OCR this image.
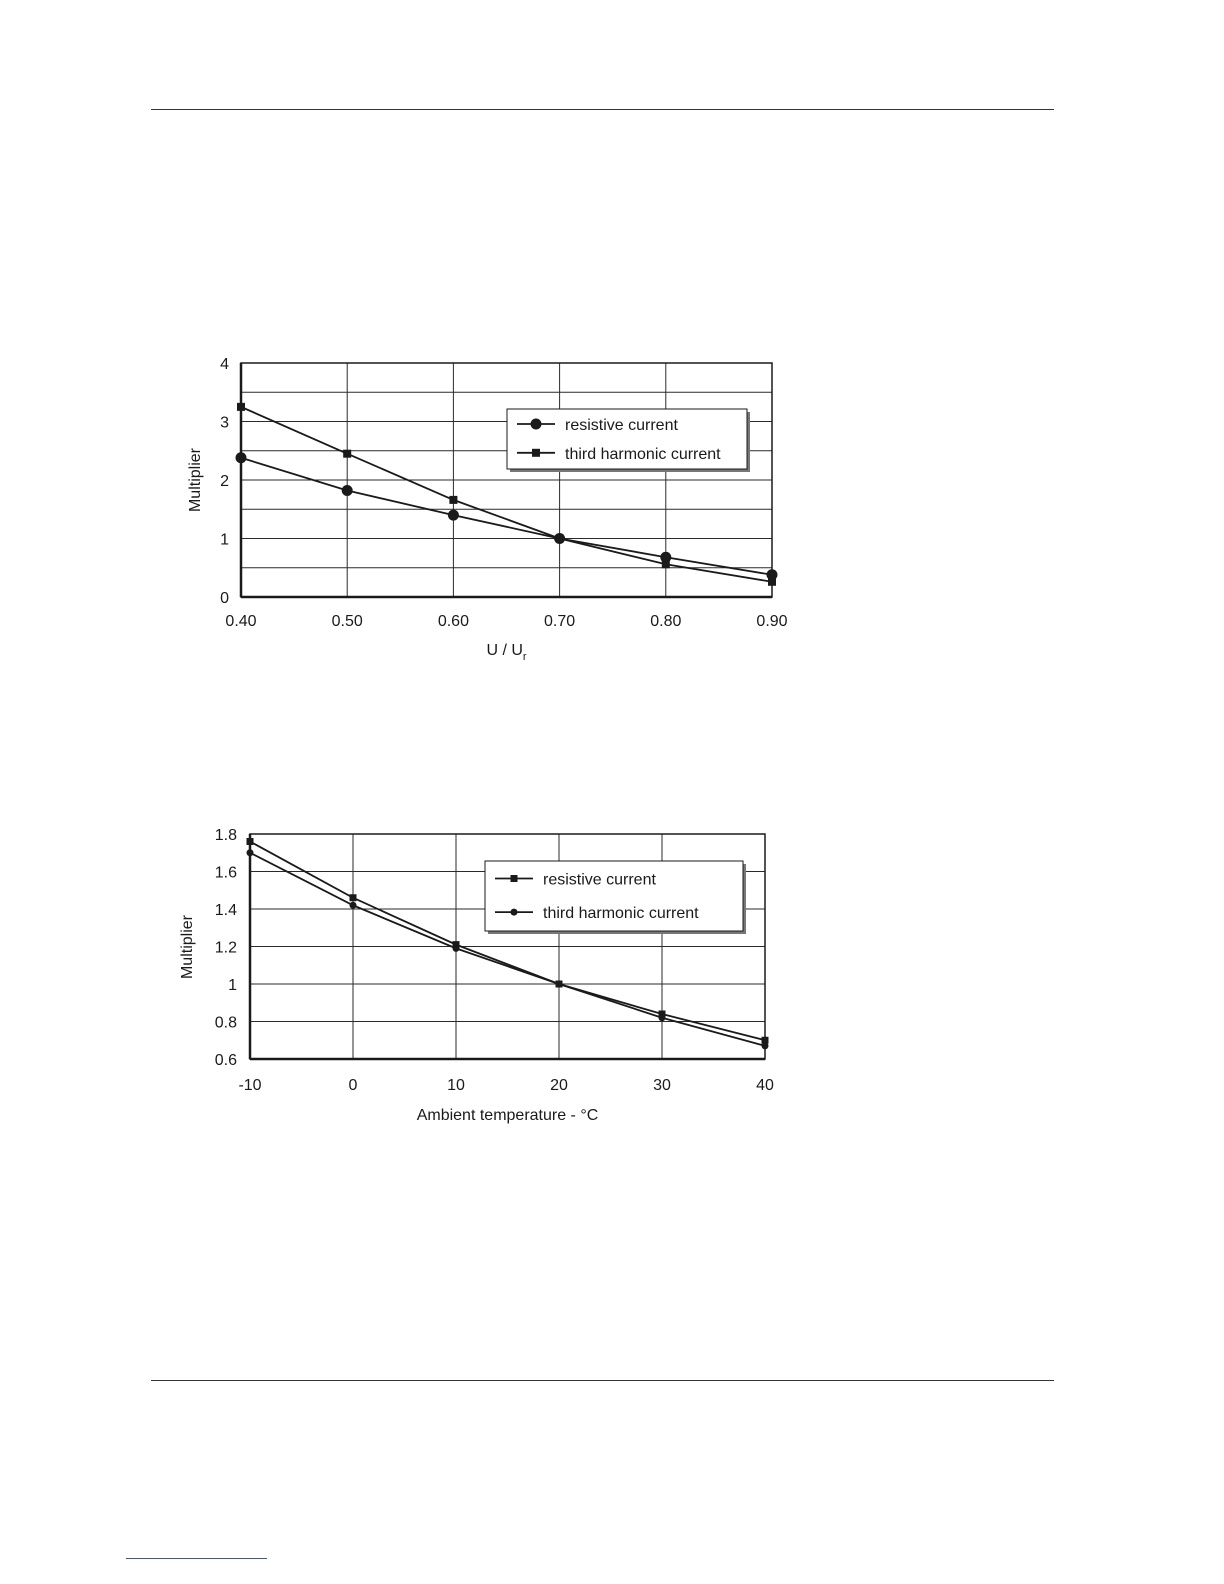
0
1
2
3
4
0.40	0.50	0.60	0.70	0.80	0.90
Multiplier
U / $U_r$
resistive current
third harmonic current
0.6
0.8
1
1.2
1.4
1.6
1.8
-10	0	10	20	30	40
Multiplier
Ambient temperature - °C
resistive current
third harmonic current
